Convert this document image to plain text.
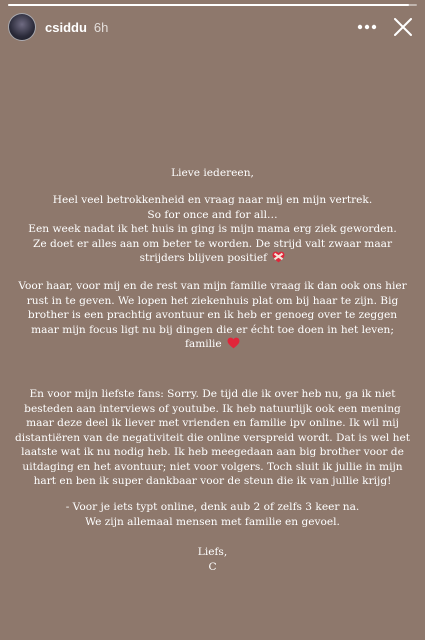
csiddu 6h

Lieve iedereen,

Heel veel betrokkenheid en vraag naar mij en mijn vertrek.

So for once and for all…

Een week nadat ik het huis in ging is mijn mama erg ziek geworden.

Ze doet er alles aan om beter te worden. De strijd valt zwaar maar

strijders blijven positief

Voor haar, voor mij en de rest van mijn familie vraag ik dan ook ons hier rust in te geven. We lopen het ziekenhuis plat om bij haar te zijn. Big brother is een prachtig avontuur en ik heb er genoeg over te zeggen maar mijn focus ligt nu bij dingen die er écht toe doen in het leven; familie

En voor mijn liefste fans: Sorry. De tijd die ik over heb nu, ga ik niet besteden aan interviews of youtube. Ik heb natuurlijk ook een mening maar deze deel ik liever met vrienden en familie ipv online. Ik wil mij distantiëren van de negativiteit die online verspreid wordt. Dat is wel het laatste wat ik nu nodig heb. Ik heb meegedaan aan big brother voor de uitdaging en het avontuur; niet voor volgers. Toch sluit ik jullie in mijn hart en ben ik super dankbaar voor de steun die ik van jullie krijg!

- Voor je iets typt online, denk aub 2 of zelfs 3 keer na.

We zijn allemaal mensen met familie en gevoel.

Liefs,

C
